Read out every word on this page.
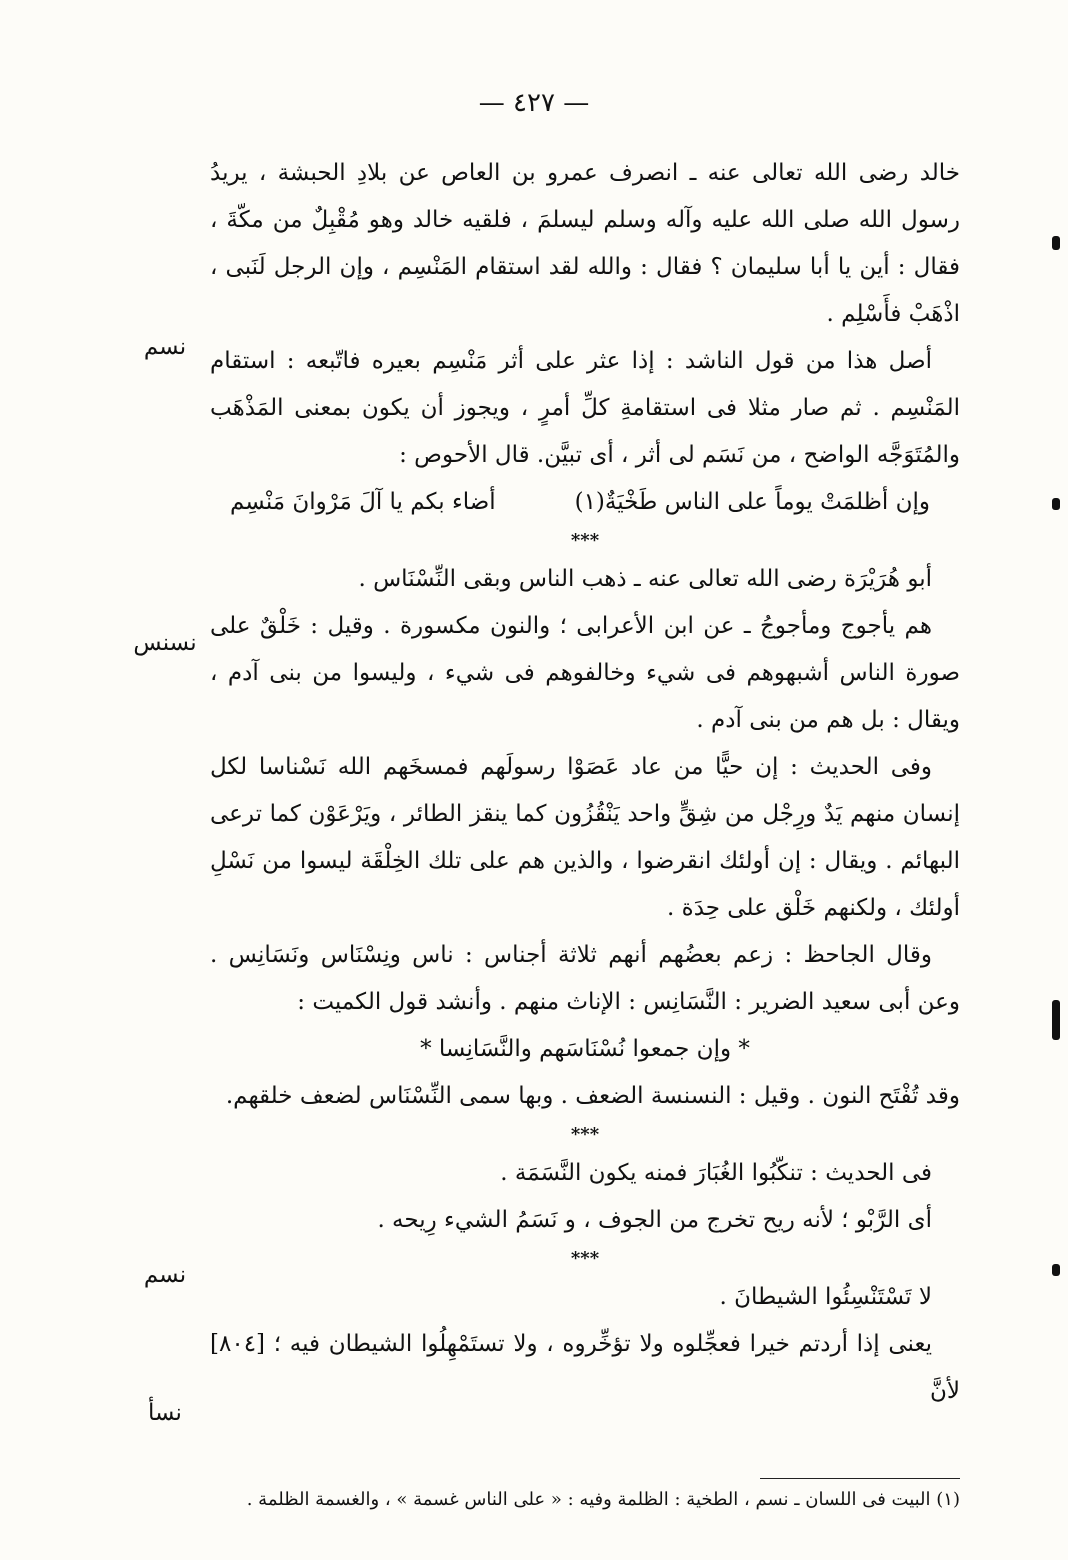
— ٤٢٧ —
نسم
نسنس
نسم
نسأ

خالد رضى الله تعالى عنه ـ انصرف عمرو بن العاص عن بلادِ الحبشة ، يريدُ رسول الله صلى الله عليه وآله وسلم ليسلمَ ، فلقيه خالد وهو مُقْبِلٌ من مكّةَ ، فقال : أين يا أبا سليمان ؟ فقال : والله لقد استقام المَنْسِم ، وإن الرجل لَنَبى ، اذْهَبْ فأَسْلِم .

أصل هذا من قول الناشد : إذا عثر على أثر مَنْسِم بعيره فاتّبعه : استقام المَنْسِم . ثم صار مثلا فى استقامةِ كلِّ أمرٍ ، ويجوز أن يكون بمعنى المَذْهَب والمُتَوَجَّه الواضح ، من نَسَم لى أثر ، أى تبيَّن. قال الأحوص :

وإن أظلمَتْ يوماً على الناس طَخْيَةٌ(١)
أضاء بكم يا آلَ مَرْوانَ مَنْسِم

***

أبو هُرَيْرَة رضى الله تعالى عنه ـ ذهب الناس وبقى النِّسْنَاس .

هم يأجوج ومأجوجُ ـ عن ابن الأعرابى ؛ والنون مكسورة . وقيل : خَلْقٌ على صورة الناس أشبهوهم فى شيء وخالفوهم فى شيء ، وليسوا من بنى آدم ، ويقال : بل هم من بنى آدم .

وفى الحديث : إن حيًّا من عاد عَصَوْا رسولَهم فمسخَهم الله نَسْناسا لكل إنسان منهم يَدٌ ورِجْل من شِقٍّ واحد يَنْقُزُون كما ينقز الطائر ، ويَرْعَوْن كما ترعى البهائم . ويقال : إن أولئك انقرضوا ، والذين هم على تلك الخِلْقَة ليسوا من نَسْلِ أولئك ، ولكنهم خَلْق على حِدَة .

وقال الجاحظ : زعم بعضُهم أنهم ثلاثة أجناس : ناس ونِسْنَاس ونَسَانِس . وعن أبى سعيد الضرير : النَّسَانِس : الإناث منهم . وأنشد قول الكميت :

* وإن جمعوا نُسْنَاسَهم والنَّسَانِسا *

وقد تُفْتَح النون . وقيل : النسنسة الضعف . وبها سمى النِّسْنَاس لضعف خلقهم.

***

فى الحديث : تنكّبُوا الغُبَارَ فمنه يكون النَّسَمَة .

أى الرَّبْو ؛ لأنه ريح تخرج من الجوف ، و نَسَمُ الشيء رِيحه .

***

لا تَسْتَنْسِئُوا الشيطانَ .

يعنى إذا أردتم خيرا فعجِّلوه ولا تؤخِّروه ، ولا تستَمْهِلُوا الشيطان فيه ؛ [٨٠٤] لأنَّ

(١) البيت فى اللسان ـ نسم ، الطخية : الظلمة وفيه : « على الناس غسمة » ، والغسمة الظلمة .
